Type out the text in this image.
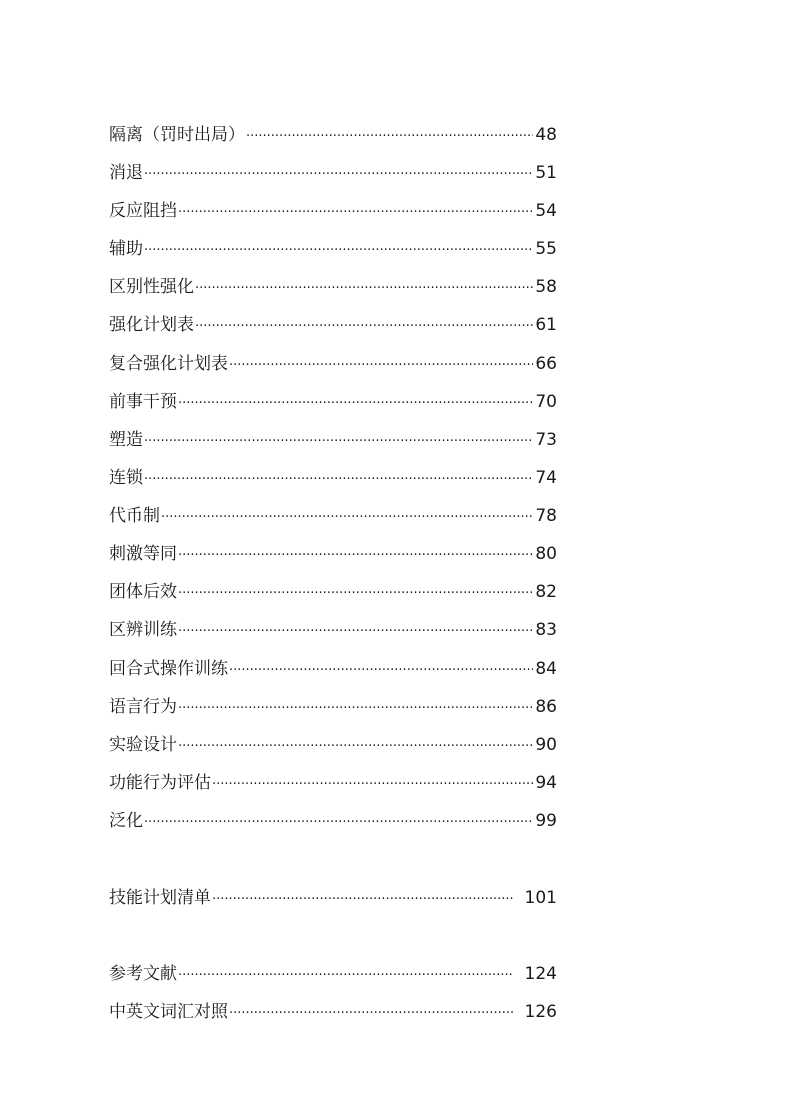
隔离（罚时出局） ·····	48
消退 ·····	51
反应阻挡 ·····	54
辅助 ·····	55
区别性强化 ·····	58
强化计划表 ·····	61
复合强化计划表 ·····	66
前事干预 ·····	70
塑造 ·····	73
连锁 ·····	74
代币制 ·····	78
刺激等同 ·····	80
团体后效 ·····	82
区辨训练 ·····	83
回合式操作训练 ·····	84
语言行为 ·····	86
实验设计 ·····	90
功能行为评估 ·····	94
泛化 ·····	99
技能计划清单 ·····	101
参考文献 ·····	124
中英文词汇对照 ·····	126
